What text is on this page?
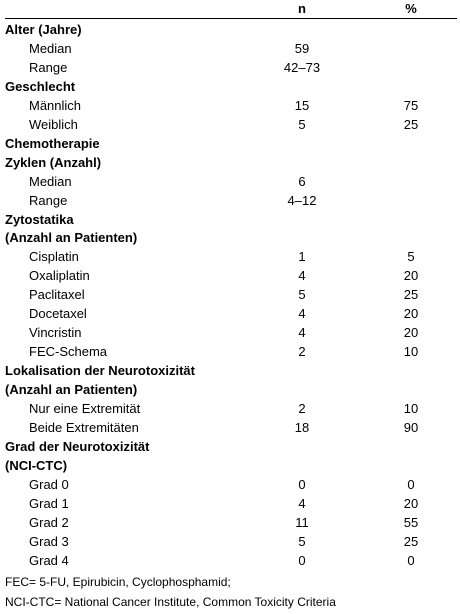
n	%
Alter (Jahre)
Median	59
Range	42–73
Geschlecht
Männlich	15	75
Weiblich	5	25
Chemotherapie
Zyklen (Anzahl)
Median	6
Range	4–12
Zytostatika
(Anzahl an Patienten)
Cisplatin	1	5
Oxaliplatin	4	20
Paclitaxel	5	25
Docetaxel	4	20
Vincristin	4	20
FEC-Schema	2	10
Lokalisation der Neurotoxizität
(Anzahl an Patienten)
Nur eine Extremität	2	10
Beide Extremitäten	18	90
Grad der Neurotoxizität
(NCI-CTC)
Grad 0	0	0
Grad 1	4	20
Grad 2	11	55
Grad 3	5	25
Grad 4	0	0
FEC= 5-FU, Epirubicin, Cyclophosphamid;
NCI-CTC= National Cancer Institute, Common Toxicity Criteria
